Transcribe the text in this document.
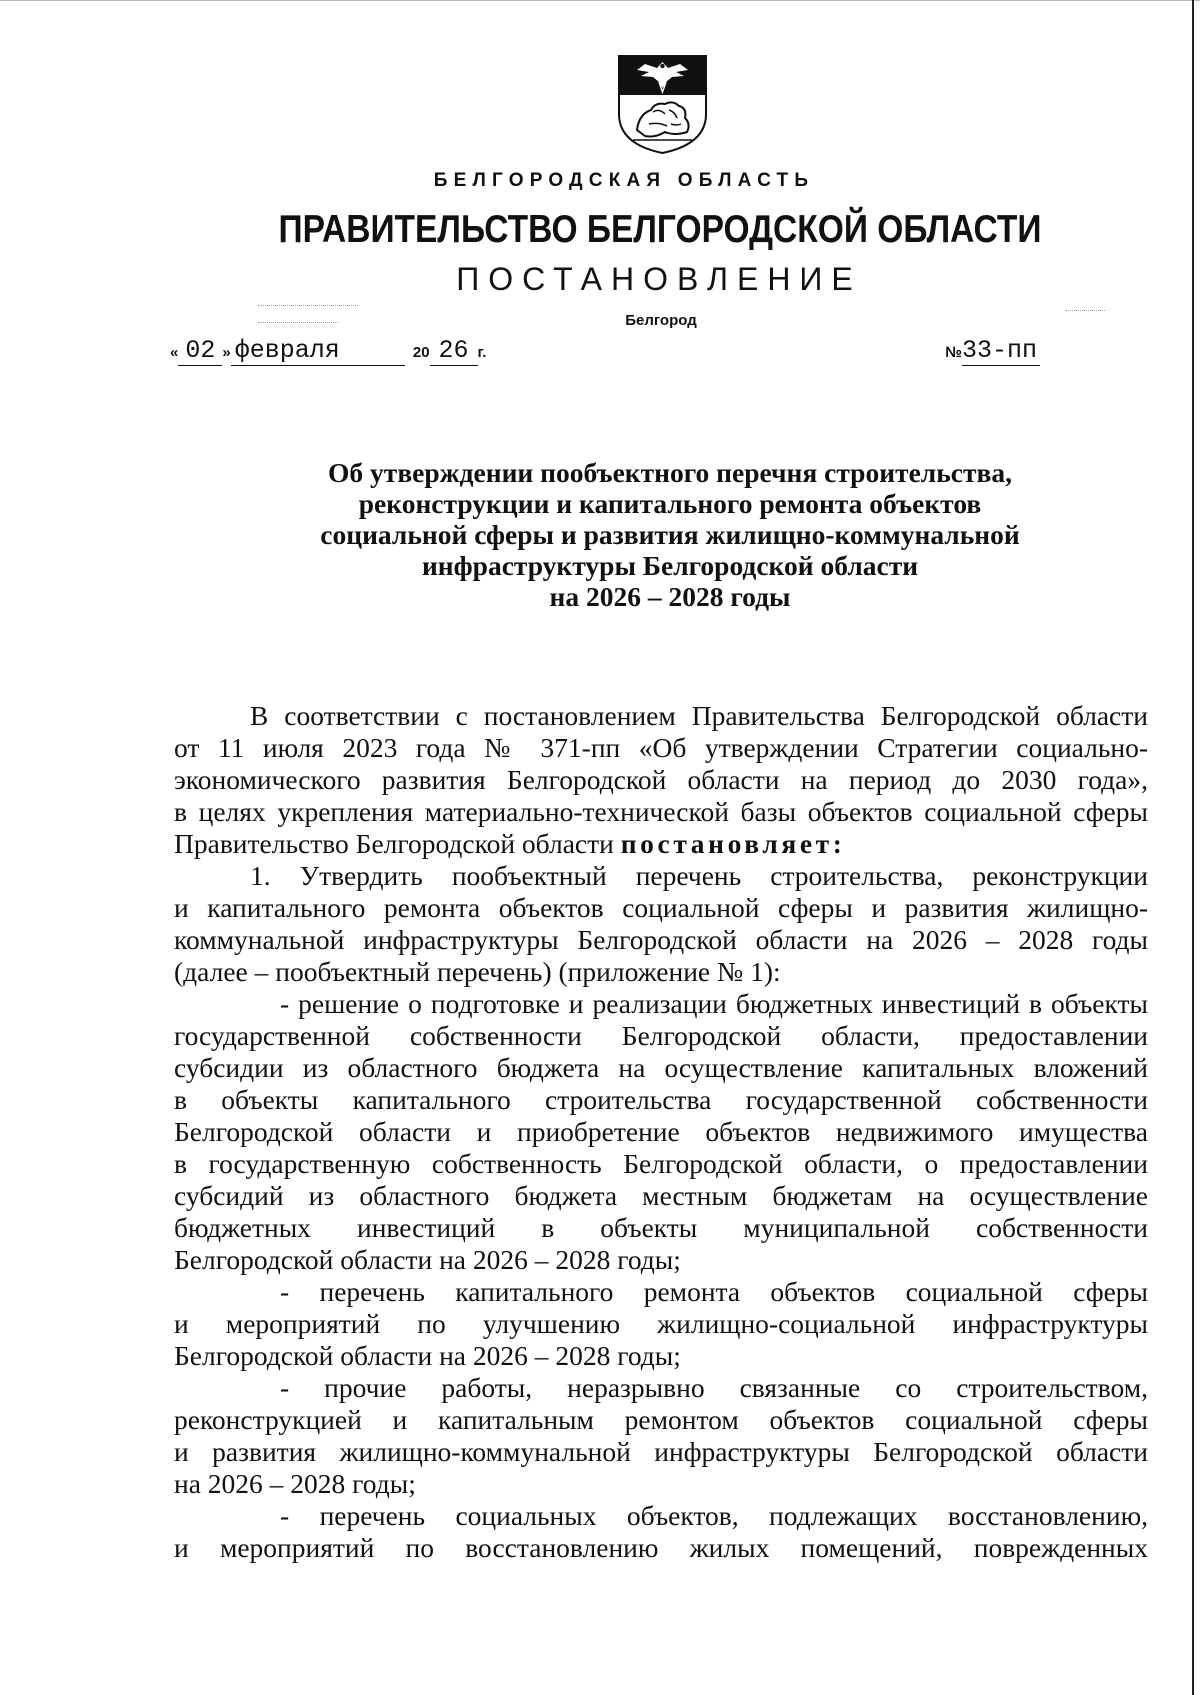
БЕЛГОРОДСКАЯ ОБЛАСТЬ
ПРАВИТЕЛЬСТВО БЕЛГОРОДСКОЙ ОБЛАСТИ
ПОСТАНОВЛЕНИЕ
Белгород
« 02 » февраля	20 26 г.	№33-пп
Об утверждении пообъектного перечня строительства,
реконструкции и капитального ремонта объектов
социальной сферы и развития жилищно-коммунальной
инфраструктуры Белгородской области
на 2026 – 2028 годы

В соответствии с постановлением Правительства Белгородской области

от 11 июля 2023 года № 371-пп «Об утверждении Стратегии социально-

экономического развития Белгородской области на период до 2030 года»,

в целях укрепления материально-технической базы объектов социальной сферы

Правительство Белгородской области постановляет:

1. Утвердить пообъектный перечень строительства, реконструкции

и капитального ремонта объектов социальной сферы и развития жилищно-

коммунальной инфраструктуры Белгородской области на 2026 – 2028 годы

(далее – пообъектный перечень) (приложение № 1):

- решение о подготовке и реализации бюджетных инвестиций в объекты

государственной собственности Белгородской области, предоставлении

субсидии из областного бюджета на осуществление капитальных вложений

в объекты капитального строительства государственной собственности

Белгородской области и приобретение объектов недвижимого имущества

в государственную собственность Белгородской области, о предоставлении

субсидий из областного бюджета местным бюджетам на осуществление

бюджетных инвестиций в объекты муниципальной собственности

Белгородской области на 2026 – 2028 годы;

- перечень капитального ремонта объектов социальной сферы

и мероприятий по улучшению жилищно-социальной инфраструктуры

Белгородской области на 2026 – 2028 годы;

- прочие работы, неразрывно связанные со строительством,

реконструкцией и капитальным ремонтом объектов социальной сферы

и развития жилищно-коммунальной инфраструктуры Белгородской области

на 2026 – 2028 годы;

- перечень социальных объектов, подлежащих восстановлению,

и мероприятий по восстановлению жилых помещений, поврежденных
